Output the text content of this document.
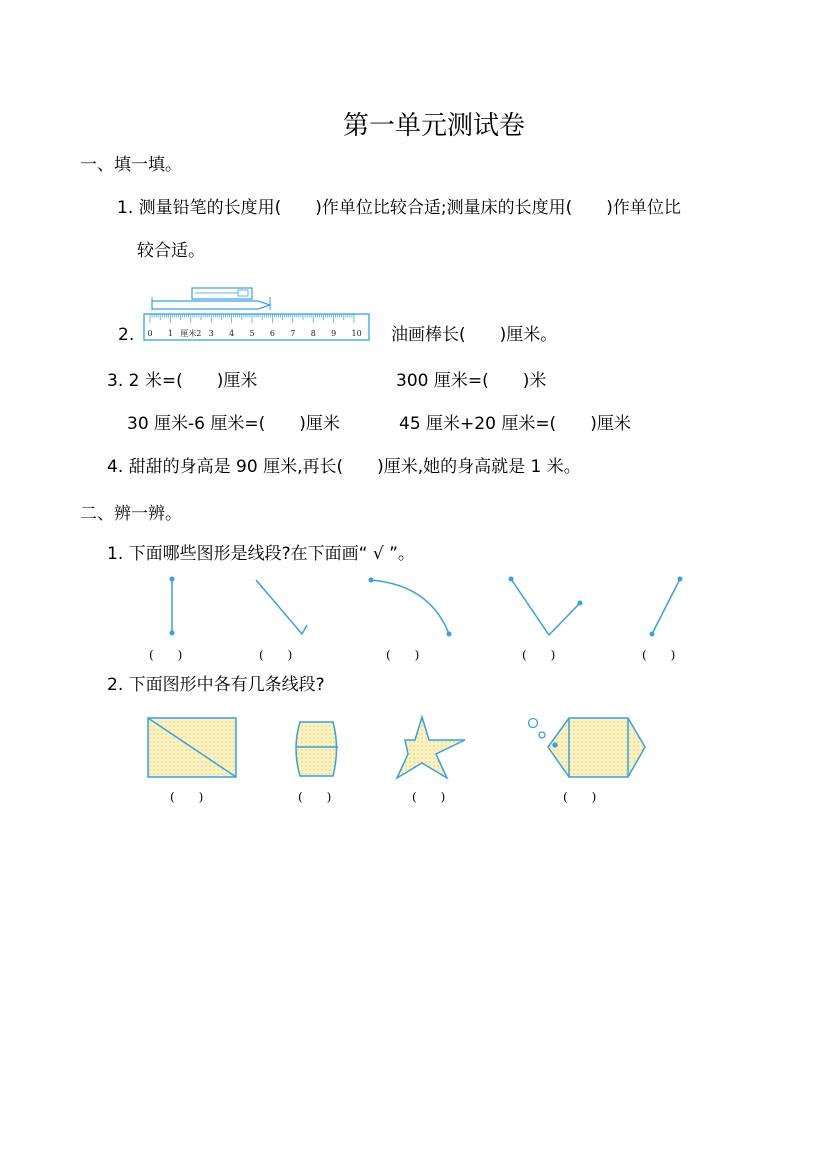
第一单元测试卷
一、填一填。
1. 测量铅笔的长度用(　　)作单位比较合适;测量床的长度用(　　)作单位比
较合适。
2. 0 1 厘米2 3 4 5 6 7 8 9 10 油画棒长(　　)厘米。
3. 2 米=(　　)厘米	300 厘米=(　　)米
30 厘米-6 厘米=(　　)厘米	45 厘米+20 厘米=(　　)厘米
4. 甜甜的身高是 90 厘米,再长(　　)厘米,她的身高就是 1 米。
二、辨一辨。
1. 下面哪些图形是线段?在下面画“ √ ”。
(　　)	(　　)	(　　)	(　　)	(　　)
2. 下面图形中各有几条线段?
(　　)	(　　)	(　　)	(　　)
